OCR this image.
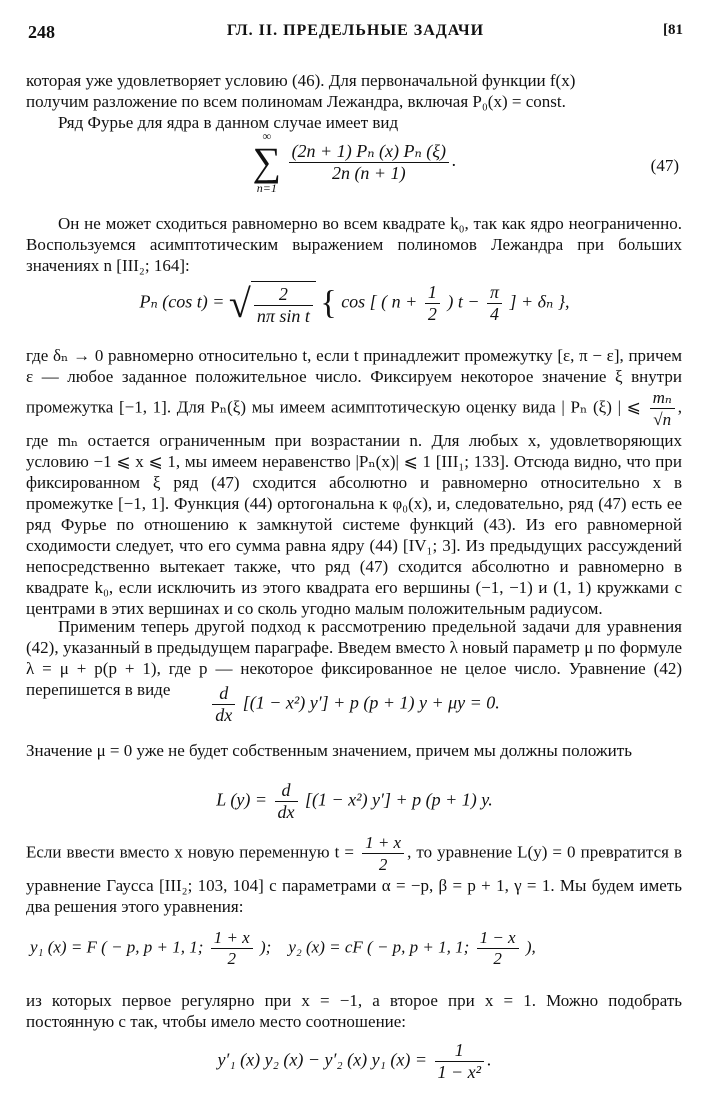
248	ГЛ. II. ПРЕДЕЛЬНЫЕ ЗАДАЧИ	[81

которая уже удовлетворяет условию (46). Для первоначальной функции f(x)

получим разложение по всем полиномам Лежандра, включая P₀(x) = const.

Ряд Фурье для ядра в данном случае имеет вид

∞
∑
n=1

$\frac{\text{(2n + 1) Pₙ (x) Pₙ (ξ)}}{2n (n + 1)}$ .	(47)
Он не может сходиться равномерно во всем квадрате k₀, так как ядро неограниченно. Воспользуемся асимптотическим выражением полиномов Лежандра при больших значениях n [III₂; 164]:
Pₙ (cos t) = √ $\frac{2}{\text{nπ sin t}}$ { cos [ ( $n + \frac{1}{2}$ ) $t - \frac{\pi}{4}$ ] + δₙ },
где δₙ → 0 равномерно относительно t, если t принадлежит промежутку [ε, π − ε], причем ε — любое заданное положительное число. Фиксируем некоторое значение ξ внутри промежутка [−1, 1]. Для Pₙ(ξ) мы имеем асимптотическую оценку вида | Pₙ (ξ) | ⩽ $\frac{\text{mₙ}}{√n}$ , где mₙ остается ограниченным при возрастании n. Для любых x, удовлетворяющих условию −1 ⩽ x ⩽ 1, мы имеем неравенство |Pₙ(x)| ⩽ 1 [III₁; 133]. Отсюда видно, что при фиксированном ξ ряд (47) сходится абсолютно и равномерно относительно x в промежутке [−1, 1]. Функция (44) ортогональна к φ₀(x), и, следовательно, ряд (47) есть ее ряд Фурье по отношению к замкнутой системе функций (43). Из его равномерной сходимости следует, что его сумма равна ядру (44) [IV₁; 3]. Из предыдущих рассуждений непосредственно вытекает также, что ряд (47) сходится абсолютно и равномерно в квадрате k₀, если исключить из этого квадрата его вершины (−1, −1) и (1, 1) кружками с центрами в этих вершинах и со сколь угодно малым положительным радиусом.
Применим теперь другой подход к рассмотрению предельной задачи для уравнения (42), указанный в предыдущем параграфе. Введем вместо λ новый параметр μ по формуле λ = μ + p(p + 1), где p — некоторое фиксированное не целое число. Уравнение (42) перепишется в виде	$\frac{d}{dx} [(1 - x^2) y'] + p$ (p + 1) y + μy = 0.
Значение μ = 0 уже не будет собственным значением, причем мы должны положить
L $(y) = \frac{d}{dx} [(1 - x^2) y'] + p$ (p + 1) y.
Если ввести вместо x новую переменную $t = \frac{1 + x}{2}$ , то уравнение L(y) = 0 превратится в уравнение Гаусса [III₂; 103, 104] с параметрами α = −p, β = p + 1, γ = 1. Мы будем иметь два решения этого уравнения:
y₁ (x) = F ( − p, p + 1, 1; $\frac{1 + x}{2}$ ); y₂ (x) = cF ( − p, p + 1, 1; $\frac{1 - x}{2}$ ),
из которых первое регулярно при x = −1, а второе при x = 1. Можно подобрать постоянную c так, чтобы имело место соотношение:
y′₁ (x) y₂ (x) − y′₂ (x) y₁ $(x) = \frac{1}{\text{1 − x²}}$ .
